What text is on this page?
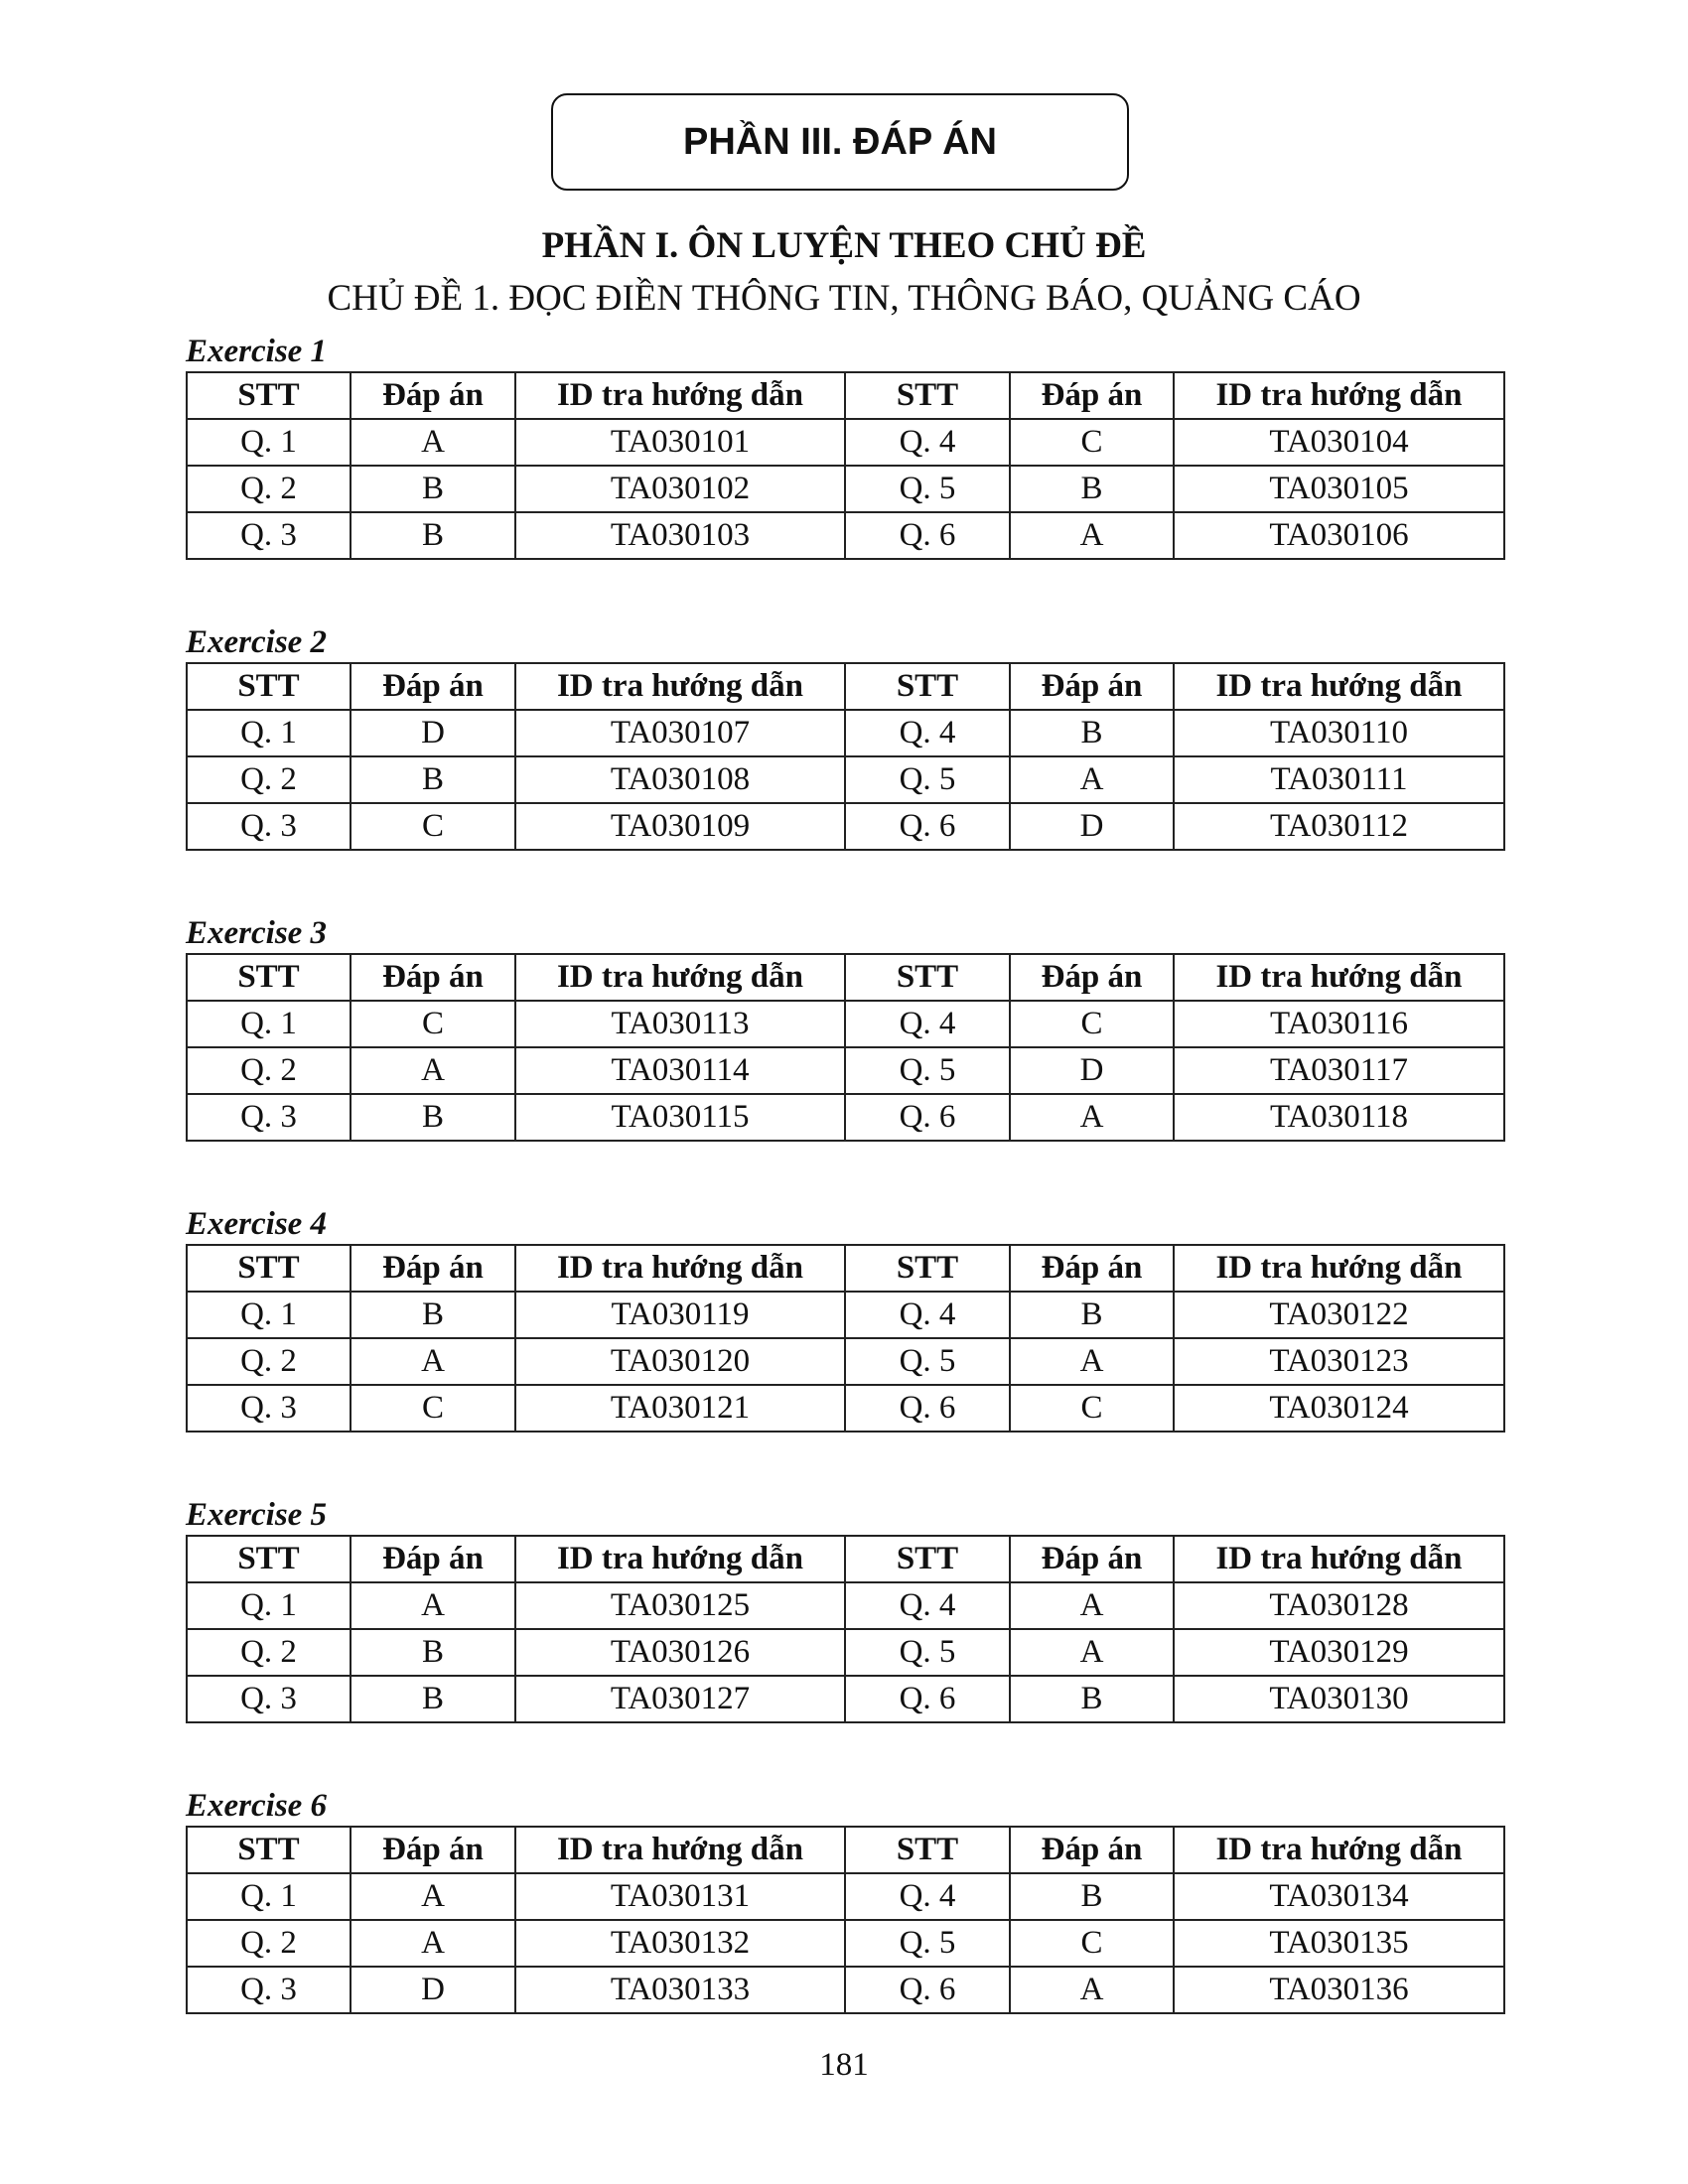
PHẦN III. ĐÁP ÁN
PHẦN I. ÔN LUYỆN THEO CHỦ ĐỀ
CHỦ ĐỀ 1. ĐỌC ĐIỀN THÔNG TIN, THÔNG BÁO, QUẢNG CÁO
Exercise 1
STT	Đáp án	ID tra hướng dẫn	STT	Đáp án	ID tra hướng dẫn
Q. 1	A	TA030101	Q. 4	C	TA030104
Q. 2	B	TA030102	Q. 5	B	TA030105
Q. 3	B	TA030103	Q. 6	A	TA030106
Exercise 2
STT	Đáp án	ID tra hướng dẫn	STT	Đáp án	ID tra hướng dẫn
Q. 1	D	TA030107	Q. 4	B	TA030110
Q. 2	B	TA030108	Q. 5	A	TA030111
Q. 3	C	TA030109	Q. 6	D	TA030112
Exercise 3
STT	Đáp án	ID tra hướng dẫn	STT	Đáp án	ID tra hướng dẫn
Q. 1	C	TA030113	Q. 4	C	TA030116
Q. 2	A	TA030114	Q. 5	D	TA030117
Q. 3	B	TA030115	Q. 6	A	TA030118
Exercise 4
STT	Đáp án	ID tra hướng dẫn	STT	Đáp án	ID tra hướng dẫn
Q. 1	B	TA030119	Q. 4	B	TA030122
Q. 2	A	TA030120	Q. 5	A	TA030123
Q. 3	C	TA030121	Q. 6	C	TA030124
Exercise 5
STT	Đáp án	ID tra hướng dẫn	STT	Đáp án	ID tra hướng dẫn
Q. 1	A	TA030125	Q. 4	A	TA030128
Q. 2	B	TA030126	Q. 5	A	TA030129
Q. 3	B	TA030127	Q. 6	B	TA030130
Exercise 6
STT	Đáp án	ID tra hướng dẫn	STT	Đáp án	ID tra hướng dẫn
Q. 1	A	TA030131	Q. 4	B	TA030134
Q. 2	A	TA030132	Q. 5	C	TA030135
Q. 3	D	TA030133	Q. 6	A	TA030136
181
